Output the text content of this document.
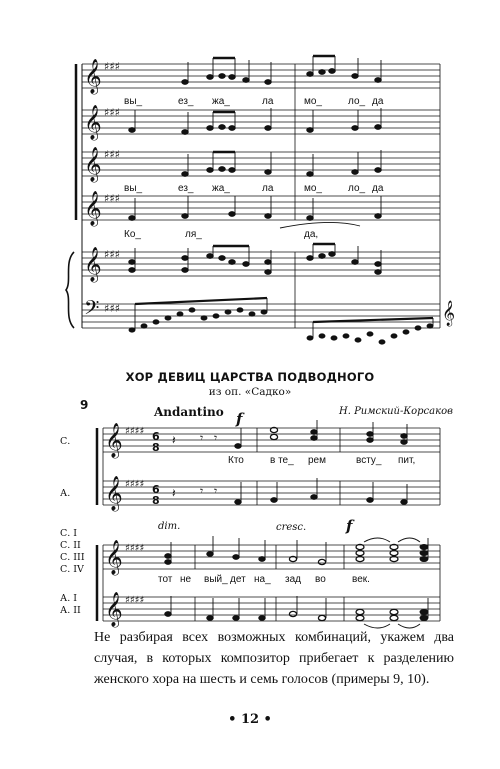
𝄞
𝄞
𝄞
𝄞
𝄞
𝄢
♯♯♯
♯♯♯
♯♯♯
♯♯♯
♯♯♯
♯♯♯	𝄞
𝄞
𝄞
𝄞
𝄞
♯♯♯♯
♯♯♯♯
♯♯♯♯
♯♯♯♯
6
8
6
8
𝄽 𝄾 𝄾
𝄽 𝄾 𝄾
вы_	ез_ жа_	ла	мо_	ло_ да
вы_	ез_ жа_	ла	мо_	ло_ да
Ко_	ля_	да,
ХОР ДЕВИЦ ЦАРСТВА ПОДВОДНОГО
из оп. «Садко»
9	Andantino	Н. Римский-Корсаков
С.
А.
f
Кто	в те_ рем	всту_ пит,
С. I
С. II
С. III
С. IV
А. I
А. II
dim.	cresc.	f
тот не вый_ дет на_ зад во	век.
Не разбирая всех возможных комбинаций, укажем два случая, в которых композитор прибегает к разделению женского хора на шесть и семь голосов (примеры 9, 10).
• 12 •
